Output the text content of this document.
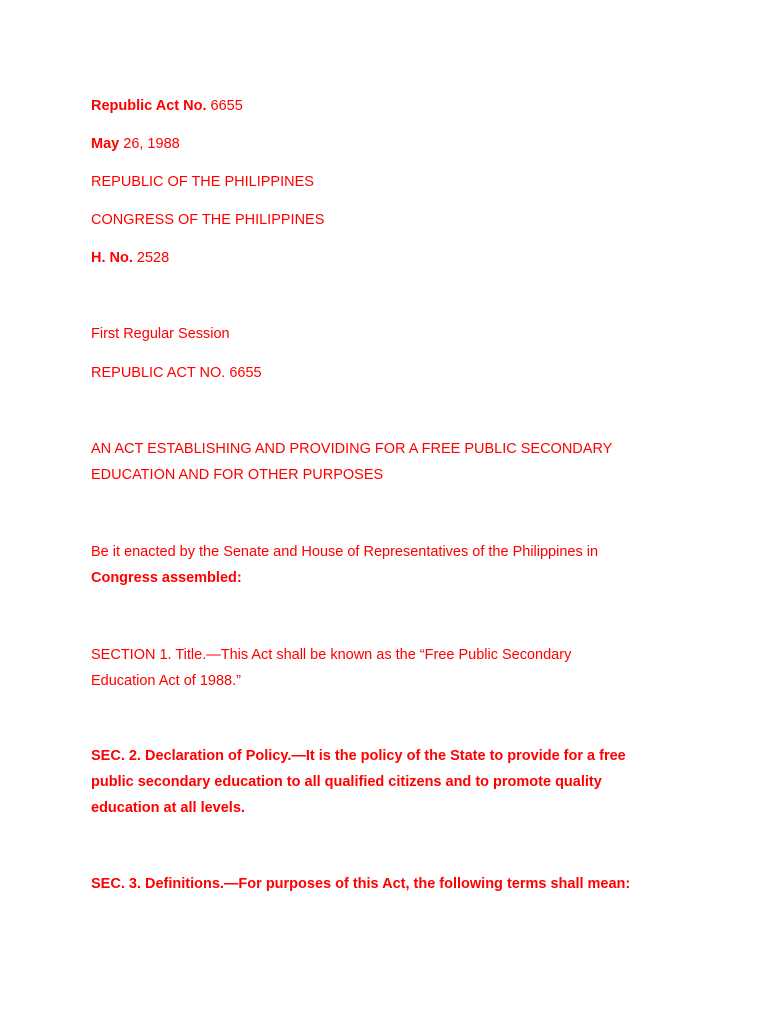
Republic Act No. 6655
May 26, 1988
REPUBLIC OF THE PHILIPPINES
CONGRESS OF THE PHILIPPINES
H. No. 2528
First Regular Session
REPUBLIC ACT NO. 6655
AN ACT ESTABLISHING AND PROVIDING FOR A FREE PUBLIC SECONDARY
EDUCATION AND FOR OTHER PURPOSES
Be it enacted by the Senate and House of Representatives of the Philippines in
Congress assembled:
SECTION 1. Title.—This Act shall be known as the “Free Public Secondary
Education Act of 1988.”
SEC. 2. Declaration of Policy.—It is the policy of the State to provide for a free
public secondary education to all qualified citizens and to promote quality
education at all levels.
SEC. 3. Definitions.—For purposes of this Act, the following terms shall mean:
